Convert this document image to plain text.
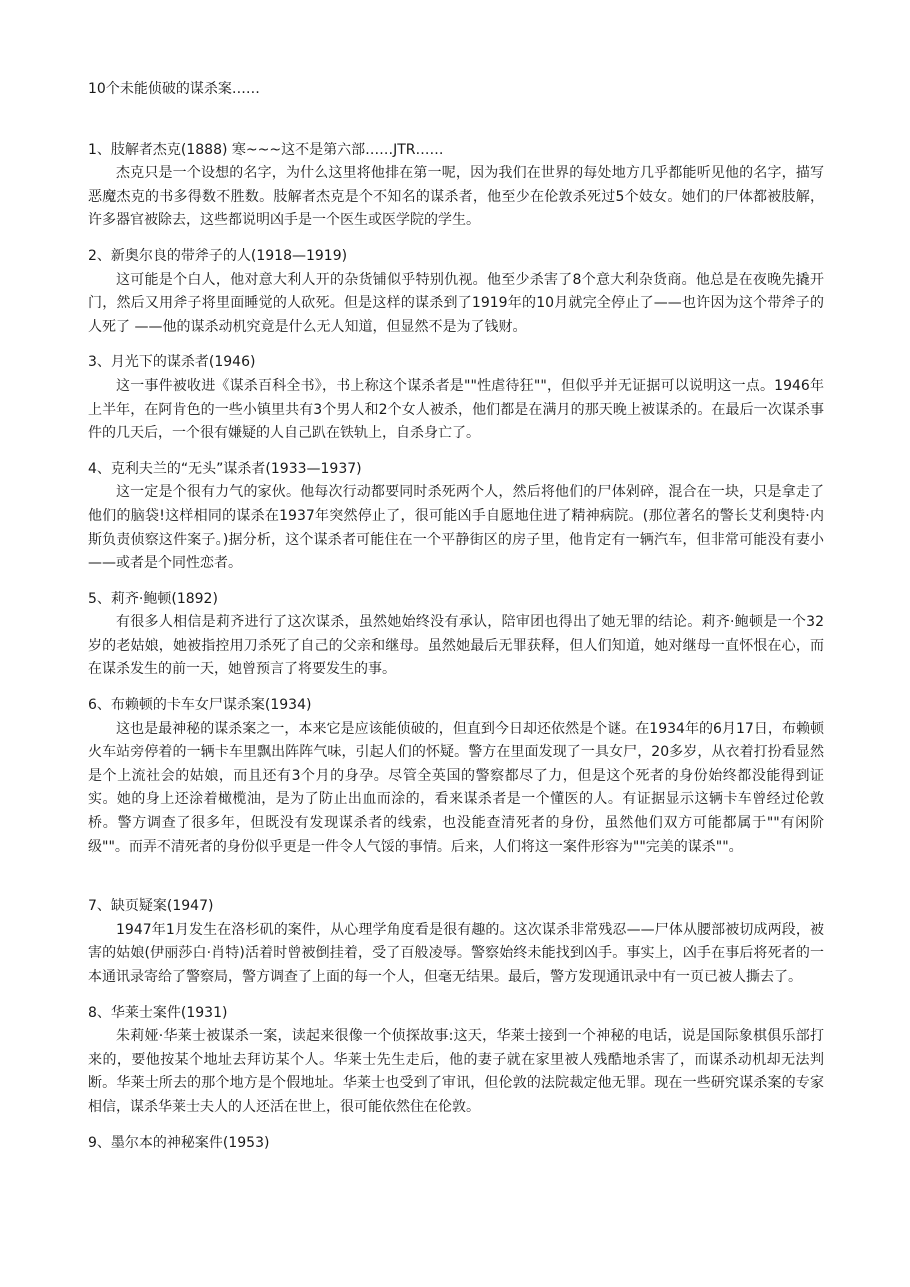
10个未能侦破的谋杀案……

1、肢解者杰克(1888) 寒~~~这不是第六部……JTR……

杰克只是一个设想的名字，为什么这里将他排在第一呢，因为我们在世界的每处地方几乎都能听见他的名字，描写恶魔杰克的书多得数不胜数。肢解者杰克是个不知名的谋杀者，他至少在伦敦杀死过5个妓女。她们的尸体都被肢解，许多器官被除去，这些都说明凶手是一个医生或医学院的学生。

2、新奥尔良的带斧子的人(1918—1919)

这可能是个白人，他对意大利人开的杂货铺似乎特别仇视。他至少杀害了8个意大利杂货商。他总是在夜晚先撬开门，然后又用斧子将里面睡觉的人砍死。但是这样的谋杀到了1919年的10月就完全停止了——也许因为这个带斧子的人死了 ——他的谋杀动机究竟是什么无人知道，但显然不是为了钱财。

3、月光下的谋杀者(1946)

这一事件被收进《谋杀百科全书》，书上称这个谋杀者是""性虐待狂""，但似乎并无证据可以说明这一点。1946年上半年，在阿肯色的一些小镇里共有3个男人和2个女人被杀，他们都是在满月的那天晚上被谋杀的。在最后一次谋杀事件的几天后，一个很有嫌疑的人自己趴在铁轨上，自杀身亡了。

4、克利夫兰的“无头”谋杀者(1933—1937)

这一定是个很有力气的家伙。他每次行动都要同时杀死两个人，然后将他们的尸体剁碎，混合在一块，只是拿走了他们的脑袋!这样相同的谋杀在1937年突然停止了，很可能凶手自愿地住进了精神病院。(那位著名的警长艾利奥特·内斯负责侦察这件案子。)据分析，这个谋杀者可能住在一个平静街区的房子里，他肯定有一辆汽车，但非常可能没有妻小——或者是个同性恋者。

5、莉齐·鲍顿(1892)

有很多人相信是莉齐进行了这次谋杀，虽然她始终没有承认，陪审团也得出了她无罪的结论。莉齐·鲍顿是一个32岁的老姑娘，她被指控用刀杀死了自己的父亲和继母。虽然她最后无罪获释，但人们知道，她对继母一直怀恨在心，而在谋杀发生的前一天，她曾预言了将要发生的事。

6、布赖顿的卡车女尸谋杀案(1934)

这也是最神秘的谋杀案之一，本来它是应该能侦破的，但直到今日却还依然是个谜。在1934年的6月17日，布赖顿火车站旁停着的一辆卡车里飘出阵阵气味，引起人们的怀疑。警方在里面发现了一具女尸，20多岁，从衣着打扮看显然是个上流社会的姑娘，而且还有3个月的身孕。尽管全英国的警察都尽了力，但是这个死者的身份始终都没能得到证实。她的身上还涂着橄榄油，是为了防止出血而涂的，看来谋杀者是一个懂医的人。有证据显示这辆卡车曾经过伦敦桥。警方调查了很多年，但既没有发现谋杀者的线索，也没能查清死者的身份，虽然他们双方可能都属于""有闲阶级""。而弄不清死者的身份似乎更是一件令人气馁的事情。后来，人们将这一案件形容为""完美的谋杀""。

7、缺页疑案(1947)

1947年1月发生在洛杉矶的案件，从心理学角度看是很有趣的。这次谋杀非常残忍——尸体从腰部被切成两段，被害的姑娘(伊丽莎白·肖特)活着时曾被倒挂着，受了百般凌辱。警察始终未能找到凶手。事实上，凶手在事后将死者的一本通讯录寄给了警察局，警方调查了上面的每一个人，但毫无结果。最后，警方发现通讯录中有一页已被人撕去了。

8、华莱士案件(1931)

朱莉娅·华莱士被谋杀一案，读起来很像一个侦探故事:这天，华莱士接到一个神秘的电话，说是国际象棋俱乐部打来的，要他按某个地址去拜访某个人。华莱士先生走后，他的妻子就在家里被人残酷地杀害了，而谋杀动机却无法判断。华莱士所去的那个地方是个假地址。华莱士也受到了审讯，但伦敦的法院裁定他无罪。现在一些研究谋杀案的专家相信，谋杀华莱士夫人的人还活在世上，很可能依然住在伦敦。

9、墨尔本的神秘案件(1953)
